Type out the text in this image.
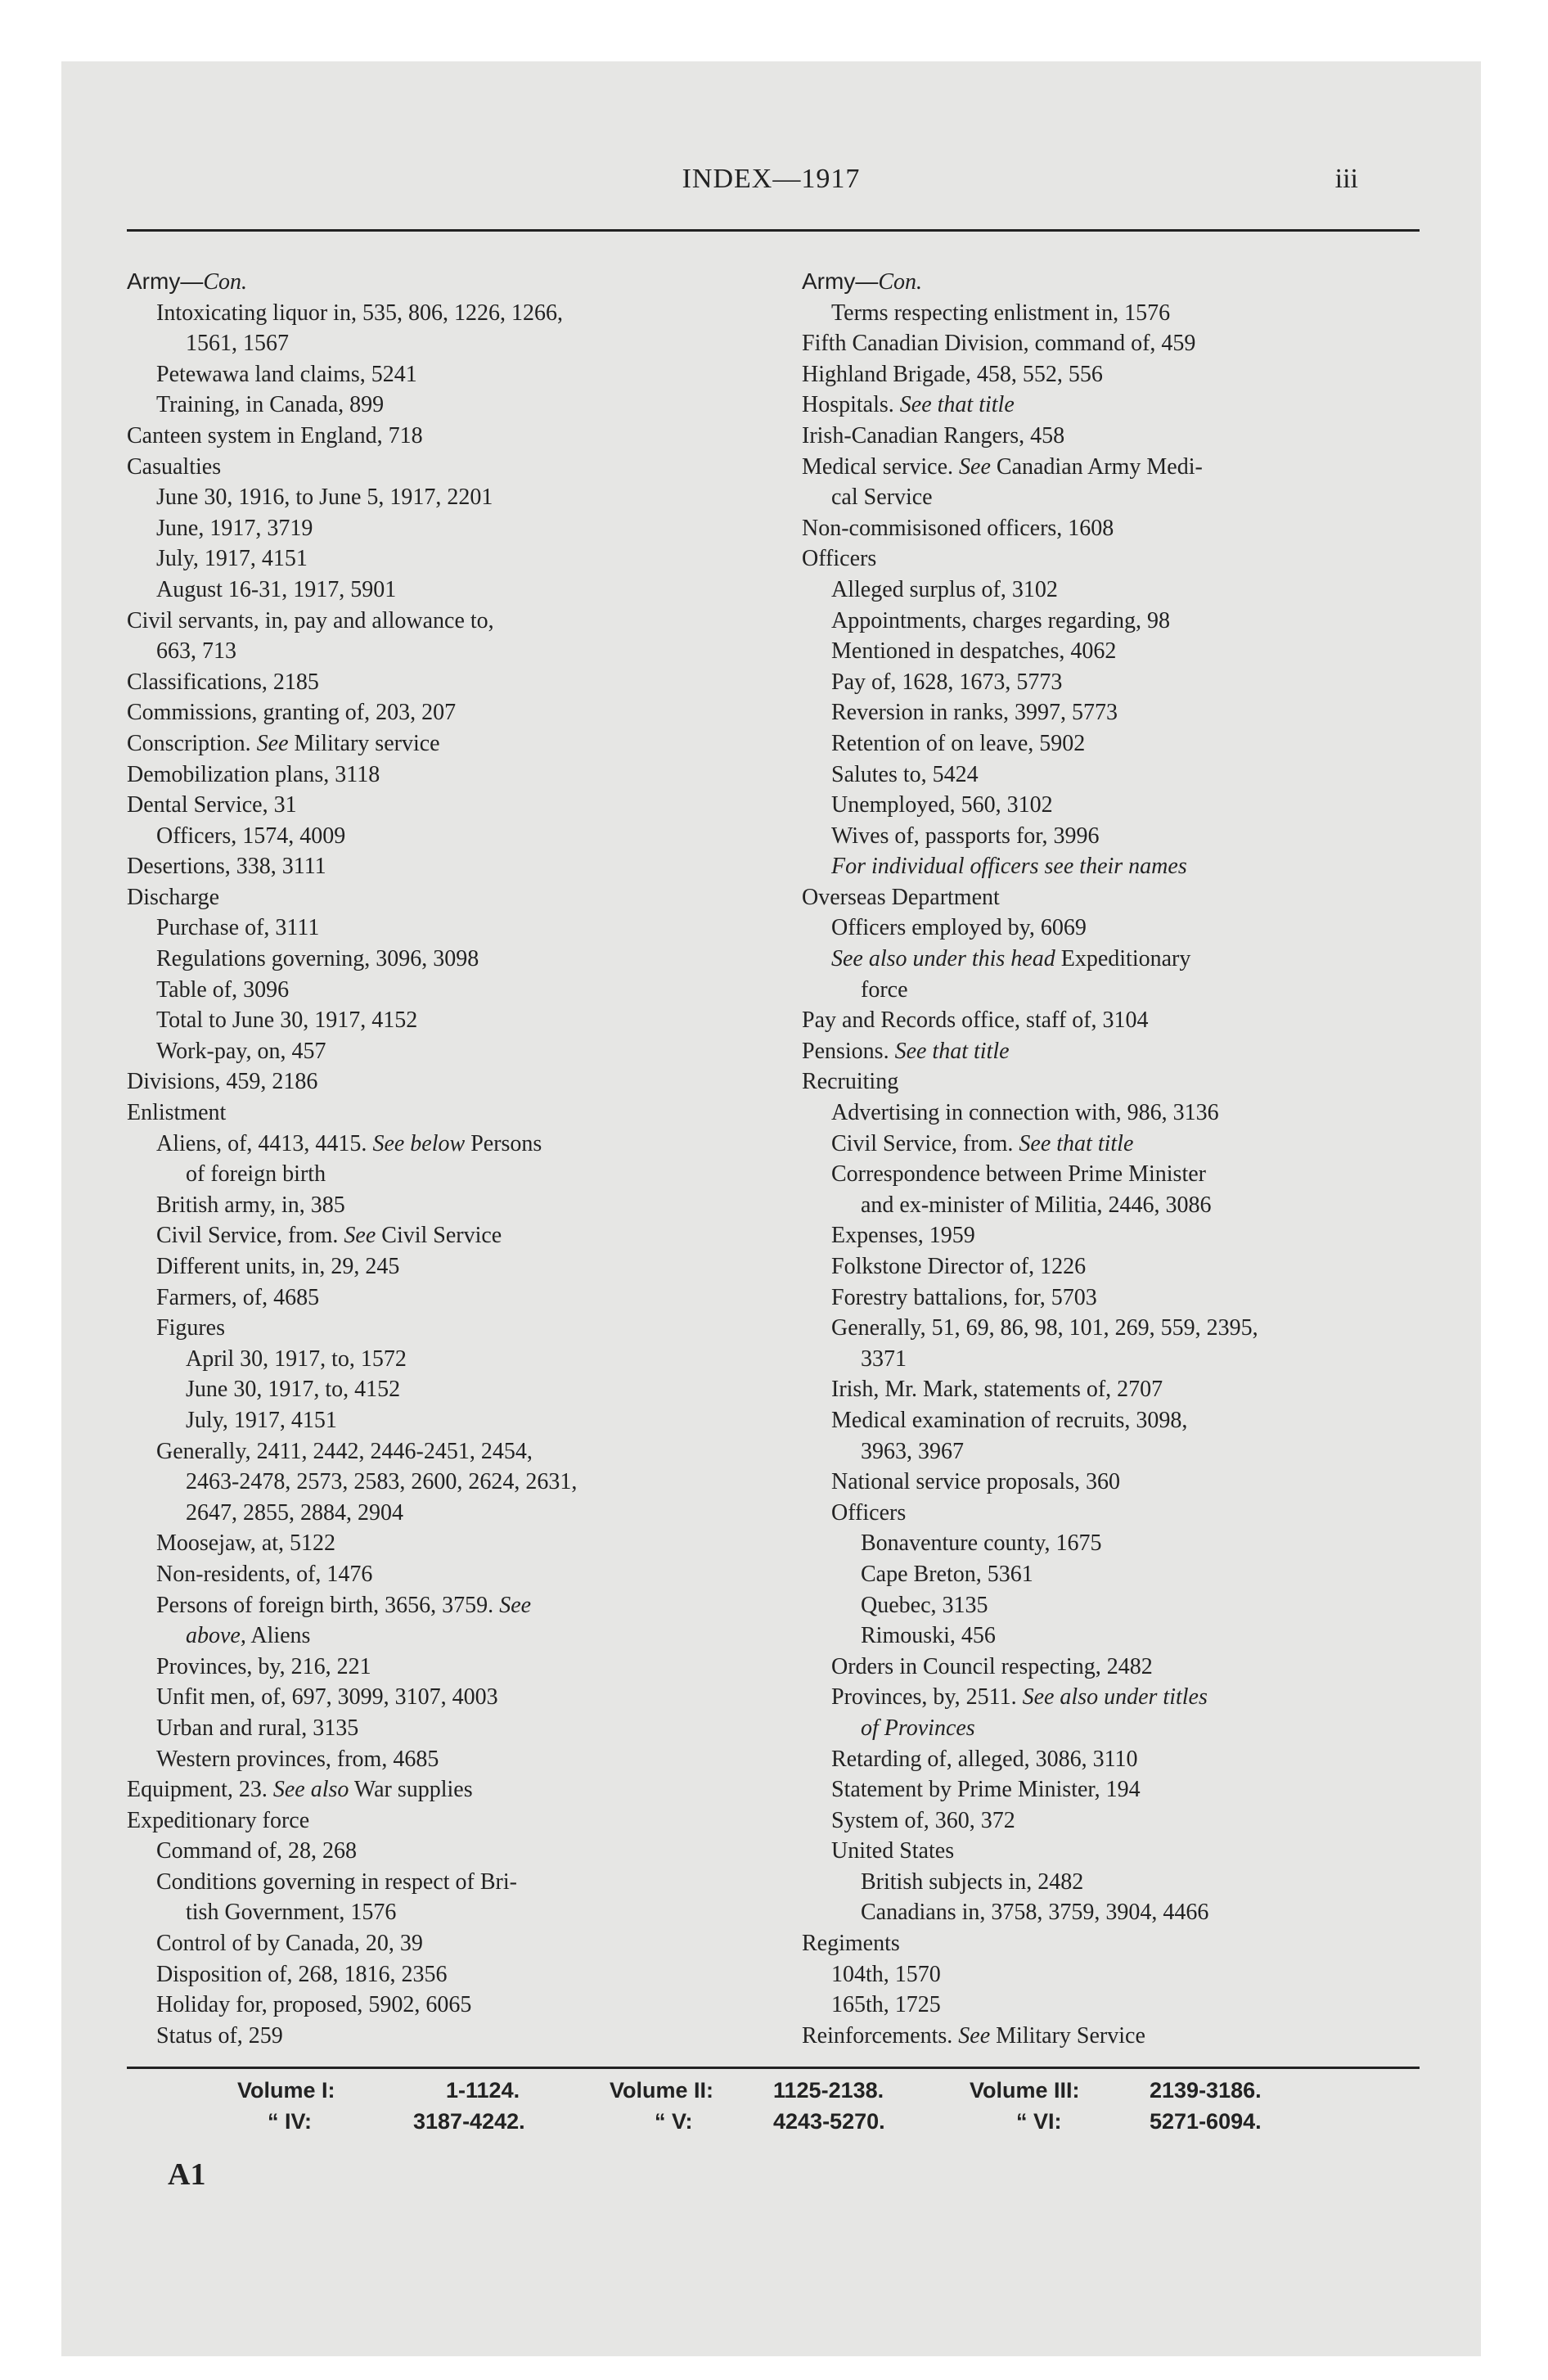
INDEX—1917	iii
Army—Con.
Intoxicating liquor in, 535, 806, 1226, 1266,
1561, 1567
Petewawa land claims, 5241
Training, in Canada, 899
Canteen system in England, 718
Casualties
June 30, 1916, to June 5, 1917, 2201
June, 1917, 3719
July, 1917, 4151
August 16-31, 1917, 5901
Civil servants, in, pay and allowance to,
663, 713
Classifications, 2185
Commissions, granting of, 203, 207
Conscription. See Military service
Demobilization plans, 3118
Dental Service, 31
Officers, 1574, 4009
Desertions, 338, 3111
Discharge
Purchase of, 3111
Regulations governing, 3096, 3098
Table of, 3096
Total to June 30, 1917, 4152
Work-pay, on, 457
Divisions, 459, 2186
Enlistment
Aliens, of, 4413, 4415. See below Persons
of foreign birth
British army, in, 385
Civil Service, from. See Civil Service
Different units, in, 29, 245
Farmers, of, 4685
Figures
April 30, 1917, to, 1572
June 30, 1917, to, 4152
July, 1917, 4151
Generally, 2411, 2442, 2446-2451, 2454,
2463-2478, 2573, 2583, 2600, 2624, 2631,
2647, 2855, 2884, 2904
Moosejaw, at, 5122
Non-residents, of, 1476
Persons of foreign birth, 3656, 3759. See
above, Aliens
Provinces, by, 216, 221
Unfit men, of, 697, 3099, 3107, 4003
Urban and rural, 3135
Western provinces, from, 4685
Equipment, 23. See also War supplies
Expeditionary force
Command of, 28, 268
Conditions governing in respect of Bri-
tish Government, 1576
Control of by Canada, 20, 39
Disposition of, 268, 1816, 2356
Holiday for, proposed, 5902, 6065
Status of, 259
Army—Con.
Terms respecting enlistment in, 1576
Fifth Canadian Division, command of, 459
Highland Brigade, 458, 552, 556
Hospitals. See that title
Irish-Canadian Rangers, 458
Medical service. See Canadian Army Medi-
cal Service
Non-commisisoned officers, 1608
Officers
Alleged surplus of, 3102
Appointments, charges regarding, 98
Mentioned in despatches, 4062
Pay of, 1628, 1673, 5773
Reversion in ranks, 3997, 5773
Retention of on leave, 5902
Salutes to, 5424
Unemployed, 560, 3102
Wives of, passports for, 3996
For individual officers see their names
Overseas Department
Officers employed by, 6069
See also under this head Expeditionary
force
Pay and Records office, staff of, 3104
Pensions. See that title
Recruiting
Advertising in connection with, 986, 3136
Civil Service, from. See that title
Correspondence between Prime Minister
and ex-minister of Militia, 2446, 3086
Expenses, 1959
Folkstone Director of, 1226
Forestry battalions, for, 5703
Generally, 51, 69, 86, 98, 101, 269, 559, 2395,
3371
Irish, Mr. Mark, statements of, 2707
Medical examination of recruits, 3098,
3963, 3967
National service proposals, 360
Officers
Bonaventure county, 1675
Cape Breton, 5361
Quebec, 3135
Rimouski, 456
Orders in Council respecting, 2482
Provinces, by, 2511. See also under titles
of Provinces
Retarding of, alleged, 3086, 3110
Statement by Prime Minister, 194
System of, 360, 372
United States
British subjects in, 2482
Canadians in, 3758, 3759, 3904, 4466
Regiments
104th, 1570
165th, 1725
Reinforcements. See Military Service
Volume I:	1-1124.	Volume II:	1125-2138.	Volume III:	2139-3186.
“ IV:	3187-4242.	“ V:	4243-5270.	“ VI:	5271-6094.
A1
